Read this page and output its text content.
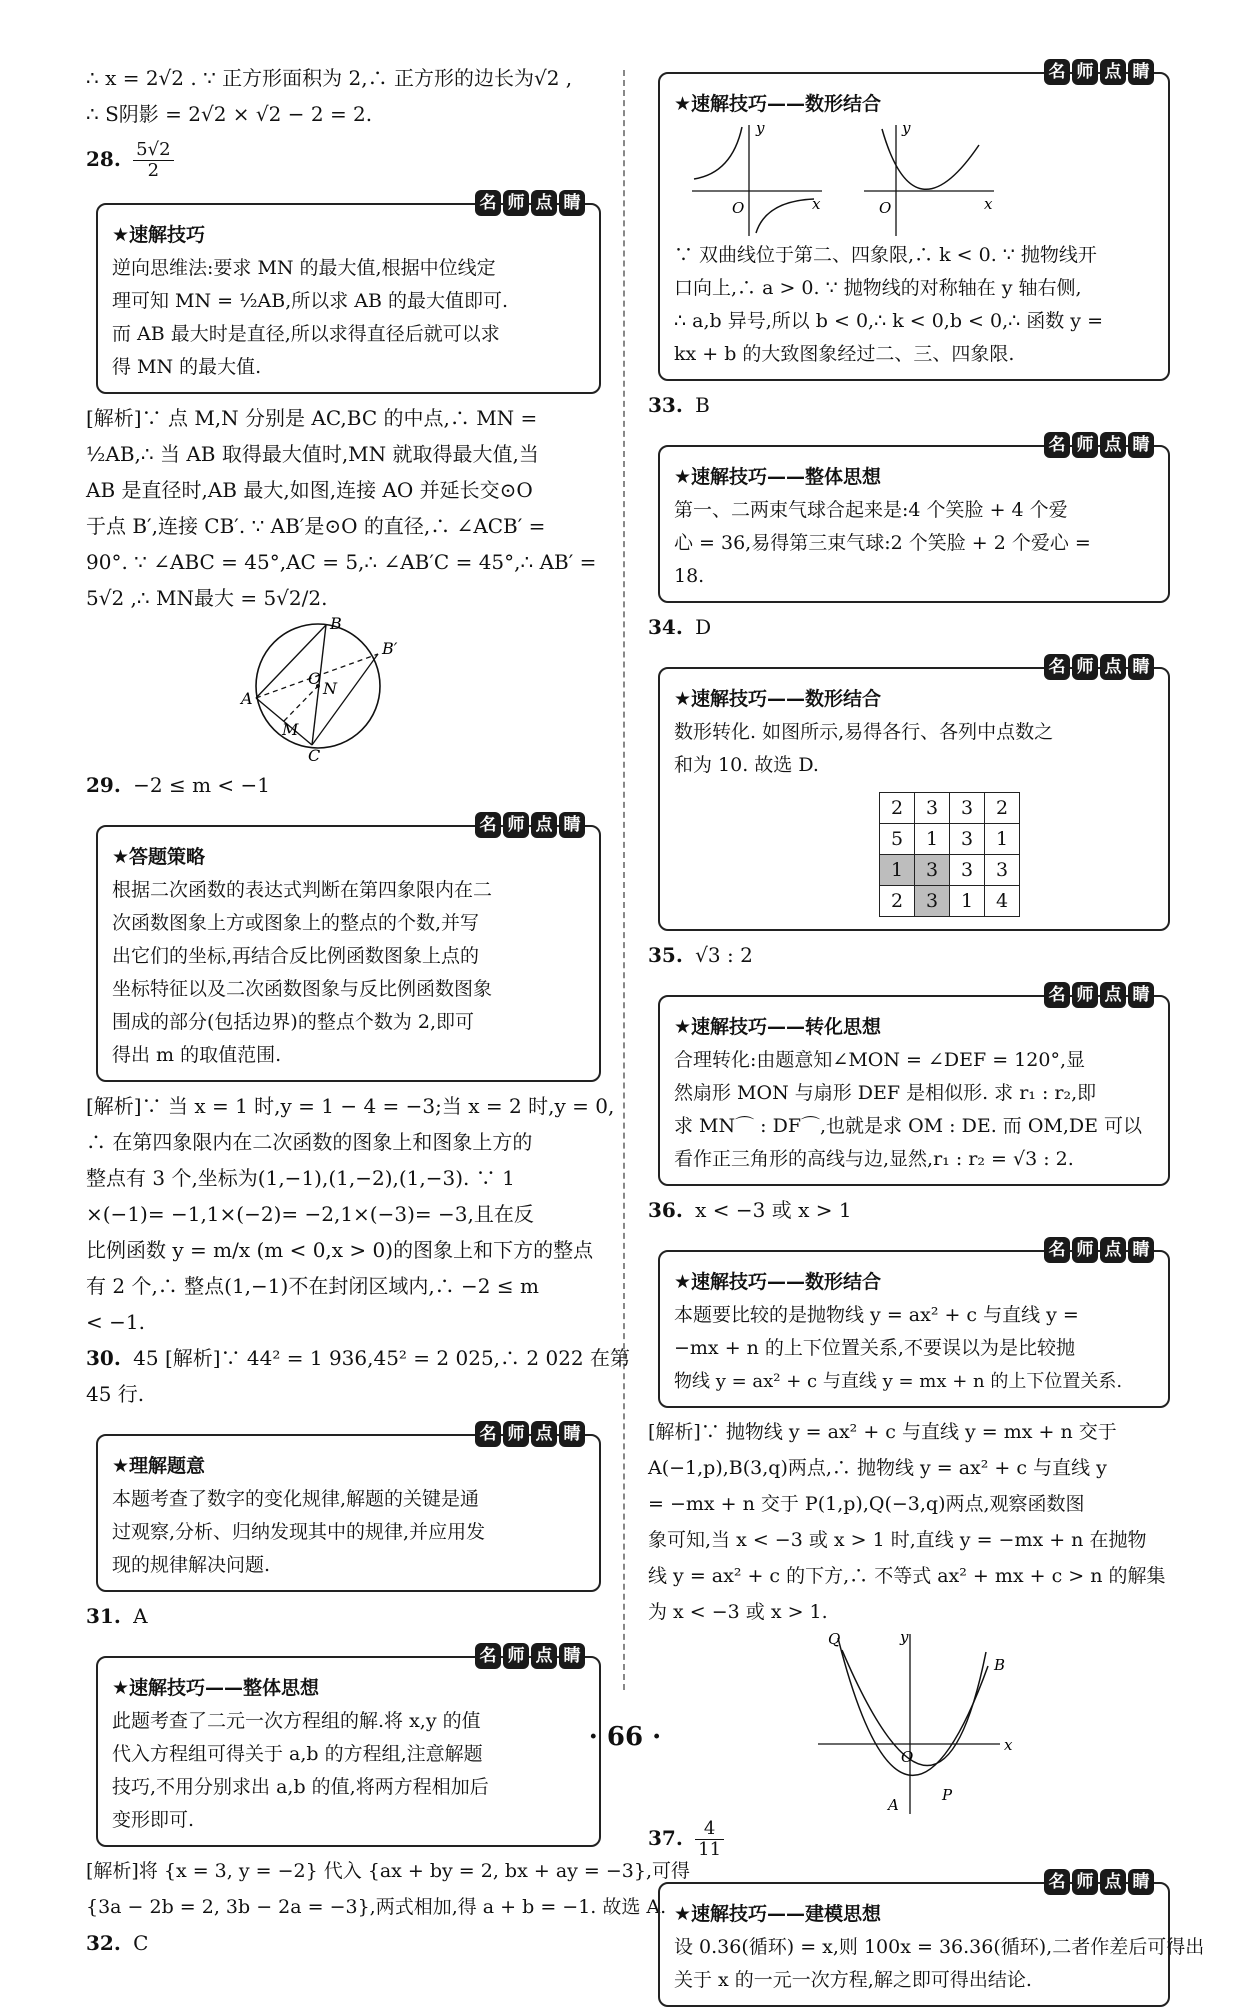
∴ x = 2√2 . ∵ 正方形面积为 2,∴ 正方形的边长为√2 ,
∴ S阴影 = 2√2 × √2 − 2 = 2.
28. $\frac{5√2}{2}$
名 师 点 睛
★速解技巧
逆向思维法:要求 MN 的最大值,根据中位线定
理可知 MN = ½AB,所以求 AB 的最大值即可.
而 AB 最大时是直径,所以求得直径后就可以求
得 MN 的最大值.
[解析]∵ 点 M,N 分别是 AC,BC 的中点,∴ MN =
½AB,∴ 当 AB 取得最大值时,MN 就取得最大值,当
AB 是直径时,AB 最大,如图,连接 AO 并延长交⊙O
于点 B′,连接 CB′. ∵ AB′是⊙O 的直径,∴ ∠ACB′ =
90°. ∵ ∠ABC = 45°,AC = 5,∴ ∠AB′C = 45°,∴ AB′ =
5√2 ,∴ MN最大 = 5√2/2.
B
B′
O
N
A
M
C
29. −2 ≤ m < −1
名 师 点 睛
★答题策略
根据二次函数的表达式判断在第四象限内在二
次函数图象上方或图象上的整点的个数,并写
出它们的坐标,再结合反比例函数图象上点的
坐标特征以及二次函数图象与反比例函数图象
围成的部分(包括边界)的整点个数为 2,即可
得出 m 的取值范围.
[解析]∵ 当 x = 1 时,y = 1 − 4 = −3;当 x = 2 时,y = 0,
∴ 在第四象限内在二次函数的图象上和图象上方的
整点有 3 个,坐标为(1,−1),(1,−2),(1,−3). ∵ 1
×(−1)= −1,1×(−2)= −2,1×(−3)= −3,且在反
比例函数 y = m/x (m < 0,x > 0)的图象上和下方的整点
有 2 个,∴ 整点(1,−1)不在封闭区域内,∴ −2 ≤ m
< −1.
30. 45 [解析]∵ 44² = 1 936,45² = 2 025,∴ 2 022 在第
45 行.
名 师 点 睛
★理解题意
本题考查了数字的变化规律,解题的关键是通
过观察,分析、归纳发现其中的规律,并应用发
现的规律解决问题.
31. A
名 师 点 睛
★速解技巧——整体思想
此题考查了二元一次方程组的解.将 x,y 的值
代入方程组可得关于 a,b 的方程组,注意解题
技巧,不用分别求出 a,b 的值,将两方程相加后
变形即可.
[解析]将 {x = 3, y = −2} 代入 {ax + by = 2, bx + ay = −3},可得
{3a − 2b = 2, 3b − 2a = −3},两式相加,得 a + b = −1. 故选 A.
32. C
名 师 点 睛
★速解技巧——数形结合
y
O	x
y
O	x
∵ 双曲线位于第二、四象限,∴ k < 0. ∵ 抛物线开
口向上,∴ a > 0. ∵ 抛物线的对称轴在 y 轴右侧,
∴ a,b 异号,所以 b < 0,∴ k < 0,b < 0,∴ 函数 y =
kx + b 的大致图象经过二、三、四象限.
33. B
名 师 点 睛
★速解技巧——整体思想
第一、二两束气球合起来是:4 个笑脸 + 4 个爱
心 = 36,易得第三束气球:2 个笑脸 + 2 个爱心 =
18.
34. D
名 师 点 睛
★速解技巧——数形结合
数形转化. 如图所示,易得各行、各列中点数之
和为 10. 故选 D.
2	3	3	2
5	1	3	1
1	3	3	3
2	3	1	4
35. √3 : 2
名 师 点 睛
★速解技巧——转化思想
合理转化:由题意知∠MON = ∠DEF = 120°,显
然扇形 MON 与扇形 DEF 是相似形. 求 r₁ : r₂,即
求 MN⌒ : DF⌒,也就是求 OM : DE. 而 OM,DE 可以
看作正三角形的高线与边,显然,r₁ : r₂ = √3 : 2.
36. x < −3 或 x > 1
名 师 点 睛
★速解技巧——数形结合
本题要比较的是抛物线 y = ax² + c 与直线 y =
−mx + n 的上下位置关系,不要误以为是比较抛
物线 y = ax² + c 与直线 y = mx + n 的上下位置关系.
[解析]∵ 抛物线 y = ax² + c 与直线 y = mx + n 交于
A(−1,p),B(3,q)两点,∴ 抛物线 y = ax² + c 与直线 y
= −mx + n 交于 P(1,p),Q(−3,q)两点,观察函数图
象可知,当 x < −3 或 x > 1 时,直线 y = −mx + n 在抛物
线 y = ax² + c 的下方,∴ 不等式 ax² + mx + c > n 的解集
为 x < −3 或 x > 1.
Q	y
B
O
x
A
P
37. $\frac{4}{11}$
名 师 点 睛
★速解技巧——建模思想
设 0.36(循环) = x,则 100x = 36.36(循环),二者作差后可得出
关于 x 的一元一次方程,解之即可得出结论.
· 66 ·
